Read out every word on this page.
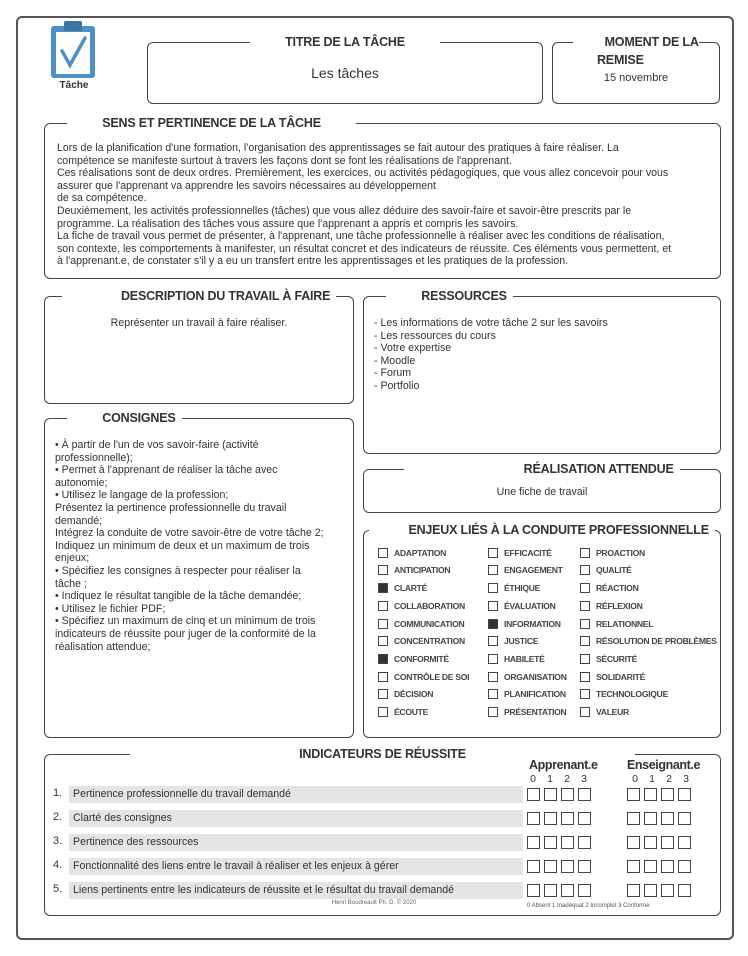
Tâche
TITRE DE LA TÂCHE
Les tâches
MOMENT DE LA REMISE
15 novembre
SENS ET PERTINENCE DE LA TÂCHE
Lors de la planification d'une formation, l'organisation des apprentissages se fait autour des pratiques à faire réaliser. La
compétence se manifeste surtout à travers les façons dont se font les réalisations de l'apprenant.
Ces réalisations sont de deux ordres. Premièrement, les exercices, ou activités pédagogiques, que vous allez concevoir pour vous
assurer que l'apprenant va apprendre les savoirs nécessaires au développement
de sa compétence.
Deuxièmement, les activités professionnelles (tâches) que vous allez déduire des savoir-faire et savoir-être prescrits par le
programme. La réalisation des tâches vous assure que l'apprenant a appris et compris les savoirs.
La fiche de travail vous permet de présenter, à l'apprenant, une tâche professionnelle à réaliser avec les conditions de réalisation,
son contexte, les comportements à manifester, un résultat concret et des indicateurs de réussite. Ces éléments vous permettent, et
à l'apprenant.e, de constater s'il y a eu un transfert entre les apprentissages et les pratiques de la profession.
DESCRIPTION DU TRAVAIL À FAIRE
Représenter un travail à faire réaliser.
RESSOURCES
- Les informations de votre tâche 2 sur les savoirs
- Les ressources du cours
- Votre expertise
- Moodle
- Forum
- Portfolio
CONSIGNES
• À partir de l'un de vos savoir-faire (activité
professionnelle);
• Permet à l'apprenant de réaliser la tâche avec
autonomie;
• Utilisez le langage de la profession;
Présentez la pertinence professionnelle du travail
demandé;
Intégrez la conduite de votre savoir-être de votre tâche 2;
Indiquez un minimum de deux et un maximum de trois
enjeux;
• Spécifiez les consignes à respecter pour réaliser la
tâche ;
• Indiquez le résultat tangible de la tâche demandée;
• Utilisez le fichier PDF;
• Spécifiez un maximum de cinq et un minimum de trois
indicateurs de réussite pour juger de la conformité de la
réalisation attendue;
RÉALISATION ATTENDUE
Une fiche de travail
ENJEUX LIÉS À LA CONDUITE PROFESSIONNELLE
ADAPTATION	EFFICACITÉ	PROACTION
ANTICIPATION	ENGAGEMENT	QUALITÉ
CLARTÉ	ÉTHIQUE	RÉACTION
COLLABORATION	ÉVALUATION	RÉFLEXION
COMMUNICATION	INFORMATION	RELATIONNEL
CONCENTRATION	JUSTICE	RÉSOLUTION DE PROBLÈMES
CONFORMITÉ	HABILETÉ	SÉCURITÉ
CONTRÔLE DE SOI	ORGANISATION	SOLIDARITÉ
DÉCISION	PLANIFICATION	TECHNOLOGIQUE
ÉCOUTE	PRÉSENTATION	VALEUR
INDICATEURS DE RÉUSSITE
Apprenant.e Enseignant.e
0 1 2 3	0 1 2 3
1.	Pertinence professionnelle du travail demandé
2.	Clarté des consignes
3.	Pertinence des ressources
4.	Fonctionnalité des liens entre le travail à réaliser et les enjeux à gérer
5.	Liens pertinents entre les indicateurs de réussite et le résultat du travail demandé
0 Absent 1 Inadéquat 2 Incomplet 3 Conforme
Henri Boudreault Ph. D. © 2020
